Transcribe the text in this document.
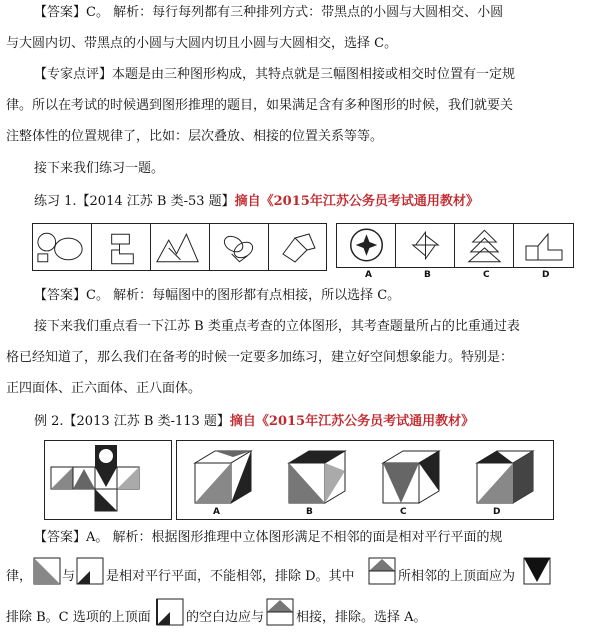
【答案】C。 解析：每行每列都有三种排列方式：带黑点的小圆与大圆相交、小圆
与大圆内切、带黑点的小圆与大圆内切且小圆与大圆相交，选择 C。
【专家点评】本题是由三种图形构成，其特点就是三幅图相接或相交时位置有一定规
律。所以在考试的时候遇到图形推理的题目，如果满足含有多种图形的时候，我们就要关
注整体性的位置规律了，比如：层次叠放、相接的位置关系等等。
接下来我们练习一题。
练习 1.【2014 江苏 B 类-53 题】摘自《2015年江苏公务员考试通用教材》
A	B	C	D
【答案】C。 解析：每幅图中的图形都有点相接，所以选择 C。
接下来我们重点看一下江苏 B 类重点考查的立体图形，其考查题量所占的比重通过表
格已经知道了，那么我们在备考的时候一定要多加练习，建立好空间想象能力。特别是：
正四面体、正六面体、正八面体。
例 2.【2013 江苏 B 类-113 题】摘自《2015年江苏公务员考试通用教材》
A	B	C	D
【答案】A。 解析：根据图形推理中立体图形满足不相邻的面是相对平行平面的规
律， 与 是相对平行平面，不能相邻，排除 D。其中	所相邻的上顶面应为
排除 B。C 选项的上顶面	的空白边应与 相接，排除。选择 A。
